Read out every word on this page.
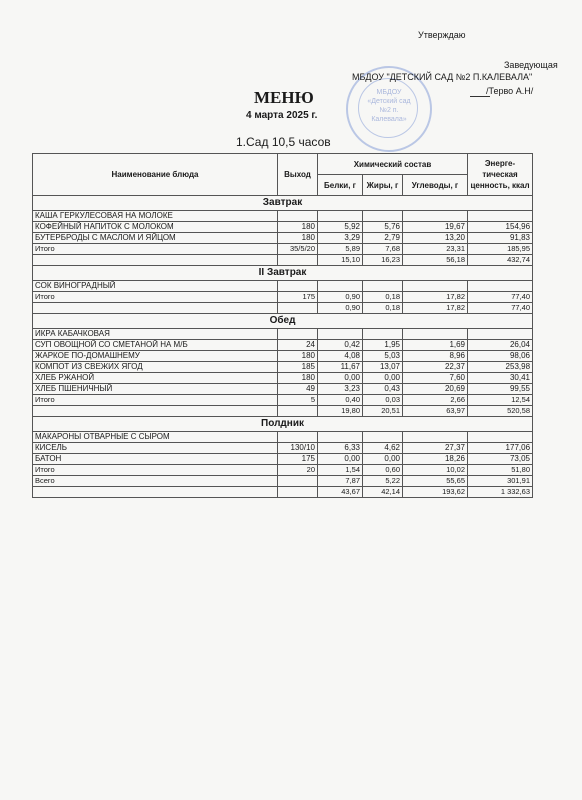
Утверждаю
МБДОУ «Детский сад №2 п. Калевала»
Заведующая
МБДОУ "ДЕТСКИЙ САД №2 П.КАЛЕВАЛА"
/Терво А.Н/
МЕНЮ
4 марта 2025 г.
1.Сад 10,5 часов
Наименование блюда	Выход	Химический состав			Энерге-тическая ценность, ккал
		Белки, г	Жиры, г	Углеводы, г	
Завтрак					
КАША ГЕРКУЛЕСОВАЯ НА МОЛОКЕ					
КОФЕЙНЫЙ НАПИТОК С МОЛОКОМ	180	5,92	5,76	19,67	154,96
БУТЕРБРОДЫ С МАСЛОМ И ЯЙЦОМ	180	3,29	2,79	13,20	91,83
Итого	35/5/20	5,89	7,68	23,31	185,95
		15,10	16,23	56,18	432,74
II Завтрак					
СОК ВИНОГРАДНЫЙ					
Итого	175	0,90	0,18	17,82	77,40
		0,90	0,18	17,82	77,40
Обед					
ИКРА КАБАЧКОВАЯ					
СУП ОВОЩНОЙ СО СМЕТАНОЙ НА М/Б	24	0,42	1,95	1,69	26,04
ЖАРКОЕ ПО-ДОМАШНЕМУ	180	4,08	5,03	8,96	98,06
КОМПОТ ИЗ СВЕЖИХ ЯГОД	185	11,67	13,07	22,37	253,98
ХЛЕБ РЖАНОЙ	180	0,00	0,00	7,60	30,41
ХЛЕБ ПШЕНИЧНЫЙ	49	3,23	0,43	20,69	99,55
Итого	5	0,40	0,03	2,66	12,54
		19,80	20,51	63,97	520,58
Полдник					
МАКАРОНЫ ОТВАРНЫЕ С СЫРОМ					
КИСЕЛЬ	130/10	6,33	4,62	27,37	177,06
БАТОН	175	0,00	0,00	18,26	73,05
Итого	20	1,54	0,60	10,02	51,80
Всего		7,87	5,22	55,65	301,91
		43,67	42,14	193,62	1 332,63
